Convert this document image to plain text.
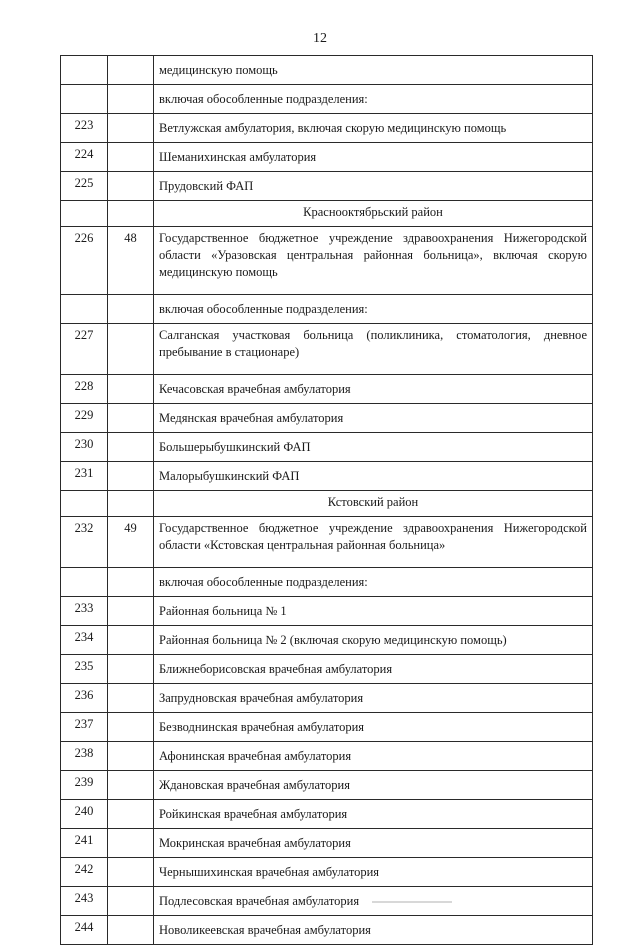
12
		медицинскую помощь
		включая обособленные подразделения:
223		Ветлужская амбулатория, включая скорую медицинскую помощь
224		Шеманихинская амбулатория
225		Прудовский ФАП
		Краснооктябрьский район
226	48	Государственное бюджетное учреждение здравоохранения Нижегородской области «Уразовская центральная районная больница», включая скорую медицинскую помощь
		включая обособленные подразделения:
227		Салганская участковая больница (поликлиника, стоматология, дневное пребывание в стационаре)
228		Кечасовская врачебная амбулатория
229		Медянская врачебная амбулатория
230		Большерыбушкинский ФАП
231		Малорыбушкинский ФАП
		Кстовский район
232	49	Государственное бюджетное учреждение здравоохранения Нижегородской области «Кстовская центральная районная больница»
		включая обособленные подразделения:
233		Районная больница № 1
234		Районная больница № 2 (включая скорую медицинскую помощь)
235		Ближнеборисовская врачебная амбулатория
236		Запрудновская врачебная амбулатория
237		Безводнинская врачебная амбулатория
238		Афонинская врачебная амбулатория
239		Ждановская врачебная амбулатория
240		Ройкинская врачебная амбулатория
241		Мокринская врачебная амбулатория
242		Чернышихинская врачебная амбулатория
243		Подлесовская врачебная амбулатория
244		Новоликеевская врачебная амбулатория
